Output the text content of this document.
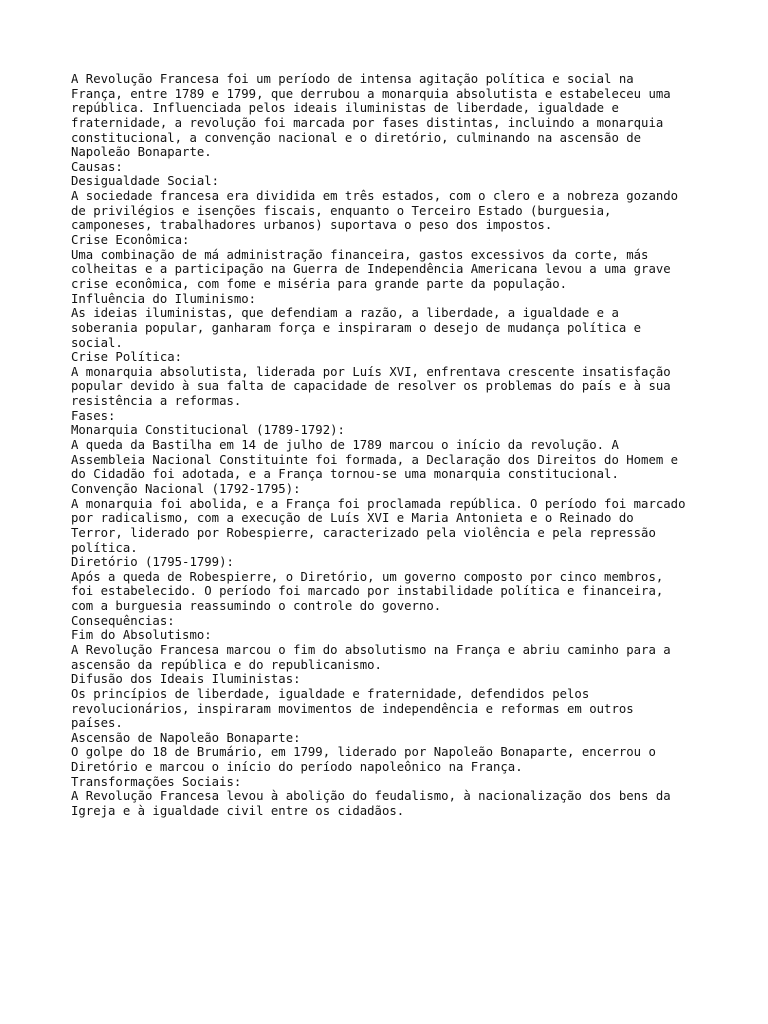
A Revolução Francesa foi um período de intensa agitação política e social na
França, entre 1789 e 1799, que derrubou a monarquia absolutista e estabeleceu uma
república. Influenciada pelos ideais iluministas de liberdade, igualdade e
fraternidade, a revolução foi marcada por fases distintas, incluindo a monarquia
constitucional, a convenção nacional e o diretório, culminando na ascensão de
Napoleão Bonaparte.
Causas:
Desigualdade Social:
A sociedade francesa era dividida em três estados, com o clero e a nobreza gozando
de privilégios e isenções fiscais, enquanto o Terceiro Estado (burguesia,
camponeses, trabalhadores urbanos) suportava o peso dos impostos.
Crise Econômica:
Uma combinação de má administração financeira, gastos excessivos da corte, más
colheitas e a participação na Guerra de Independência Americana levou a uma grave
crise econômica, com fome e miséria para grande parte da população.
Influência do Iluminismo:
As ideias iluministas, que defendiam a razão, a liberdade, a igualdade e a
soberania popular, ganharam força e inspiraram o desejo de mudança política e
social.
Crise Política:
A monarquia absolutista, liderada por Luís XVI, enfrentava crescente insatisfação
popular devido à sua falta de capacidade de resolver os problemas do país e à sua
resistência a reformas.
Fases:
Monarquia Constitucional (1789-1792):
A queda da Bastilha em 14 de julho de 1789 marcou o início da revolução. A
Assembleia Nacional Constituinte foi formada, a Declaração dos Direitos do Homem e
do Cidadão foi adotada, e a França tornou-se uma monarquia constitucional.
Convenção Nacional (1792-1795):
A monarquia foi abolida, e a França foi proclamada república. O período foi marcado
por radicalismo, com a execução de Luís XVI e Maria Antonieta e o Reinado do
Terror, liderado por Robespierre, caracterizado pela violência e pela repressão
política.
Diretório (1795-1799):
Após a queda de Robespierre, o Diretório, um governo composto por cinco membros,
foi estabelecido. O período foi marcado por instabilidade política e financeira,
com a burguesia reassumindo o controle do governo.
Consequências:
Fim do Absolutismo:
A Revolução Francesa marcou o fim do absolutismo na França e abriu caminho para a
ascensão da república e do republicanismo.
Difusão dos Ideais Iluministas:
Os princípios de liberdade, igualdade e fraternidade, defendidos pelos
revolucionários, inspiraram movimentos de independência e reformas em outros
países.
Ascensão de Napoleão Bonaparte:
O golpe do 18 de Brumário, em 1799, liderado por Napoleão Bonaparte, encerrou o
Diretório e marcou o início do período napoleônico na França.
Transformações Sociais:
A Revolução Francesa levou à abolição do feudalismo, à nacionalização dos bens da
Igreja e à igualdade civil entre os cidadãos.
